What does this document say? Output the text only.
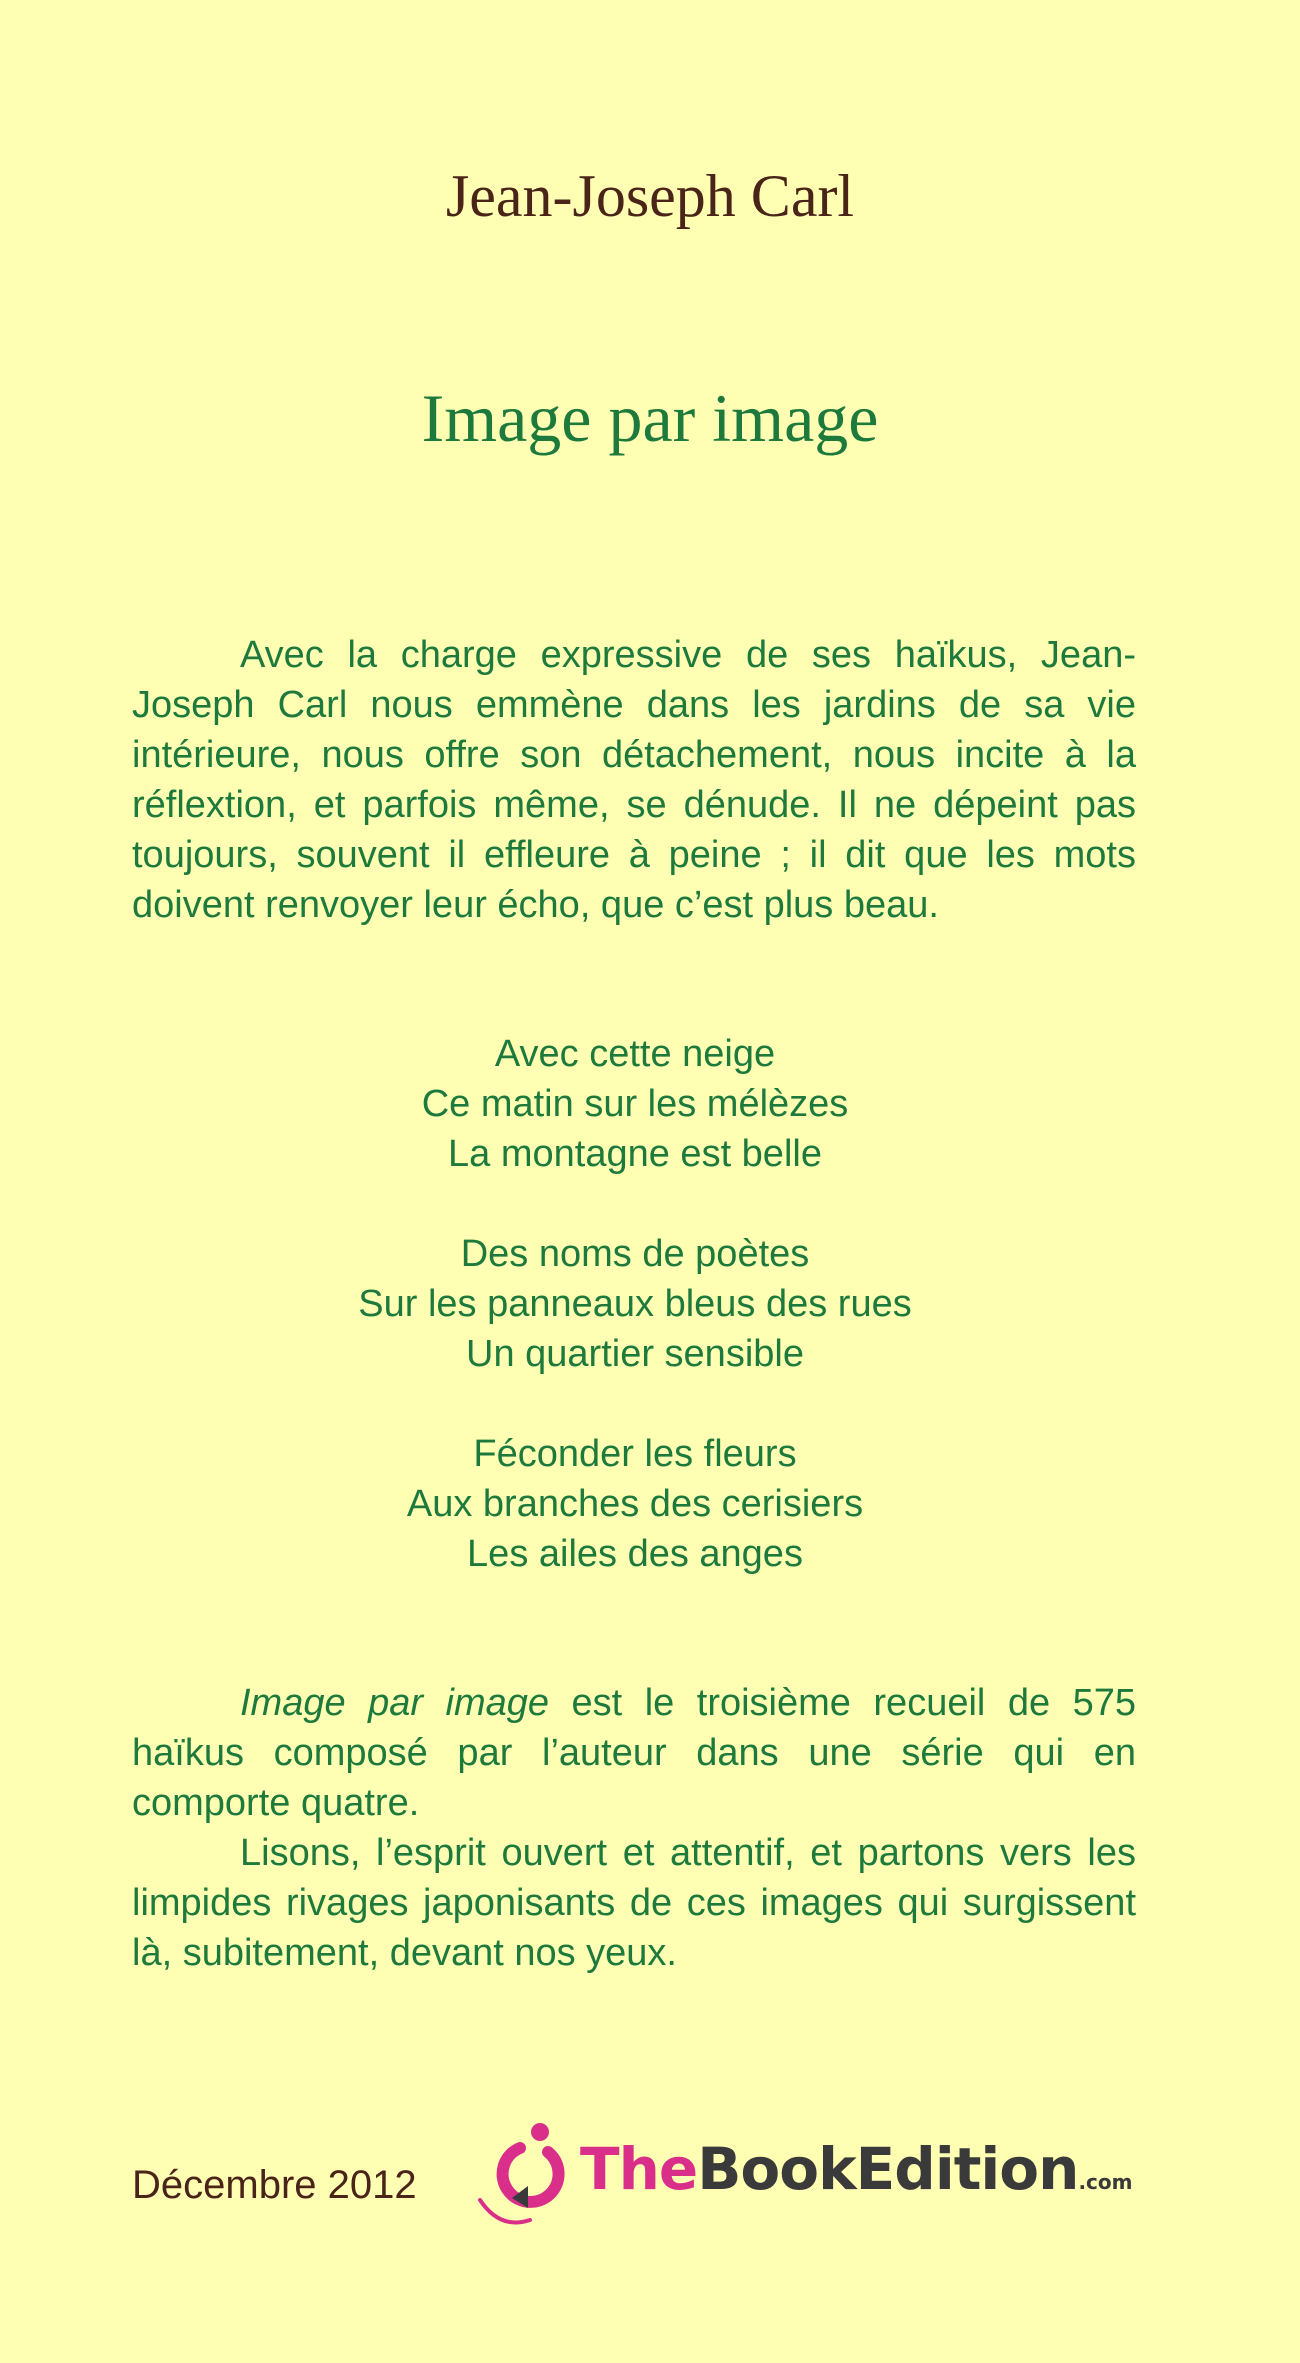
Jean-Joseph Carl
Image par image
Avec la charge expressive de ses haïkus, Jean-Joseph Carl nous emmène dans les jardins de sa vie intérieure, nous offre son détachement, nous incite à la réflextion, et parfois même, se dénude. Il ne dépeint pas toujours, souvent il effleure à peine ; il dit que les mots doivent renvoyer leur écho, que c’est plus beau.
Avec cette neige
Ce matin sur les mélèzes
La montagne est belle
Des noms de poètes
Sur les panneaux bleus des rues
Un quartier sensible
Féconder les fleurs
Aux branches des cerisiers
Les ailes des anges
Image par image est le troisième recueil de 575 haïkus composé par l’auteur dans une série qui en comporte quatre.
Lisons, l’esprit ouvert et attentif, et partons vers les limpides rivages japonisants de ces images qui surgissent là, subitement, devant nos yeux.
Décembre 2012	TheBookEdition.com
